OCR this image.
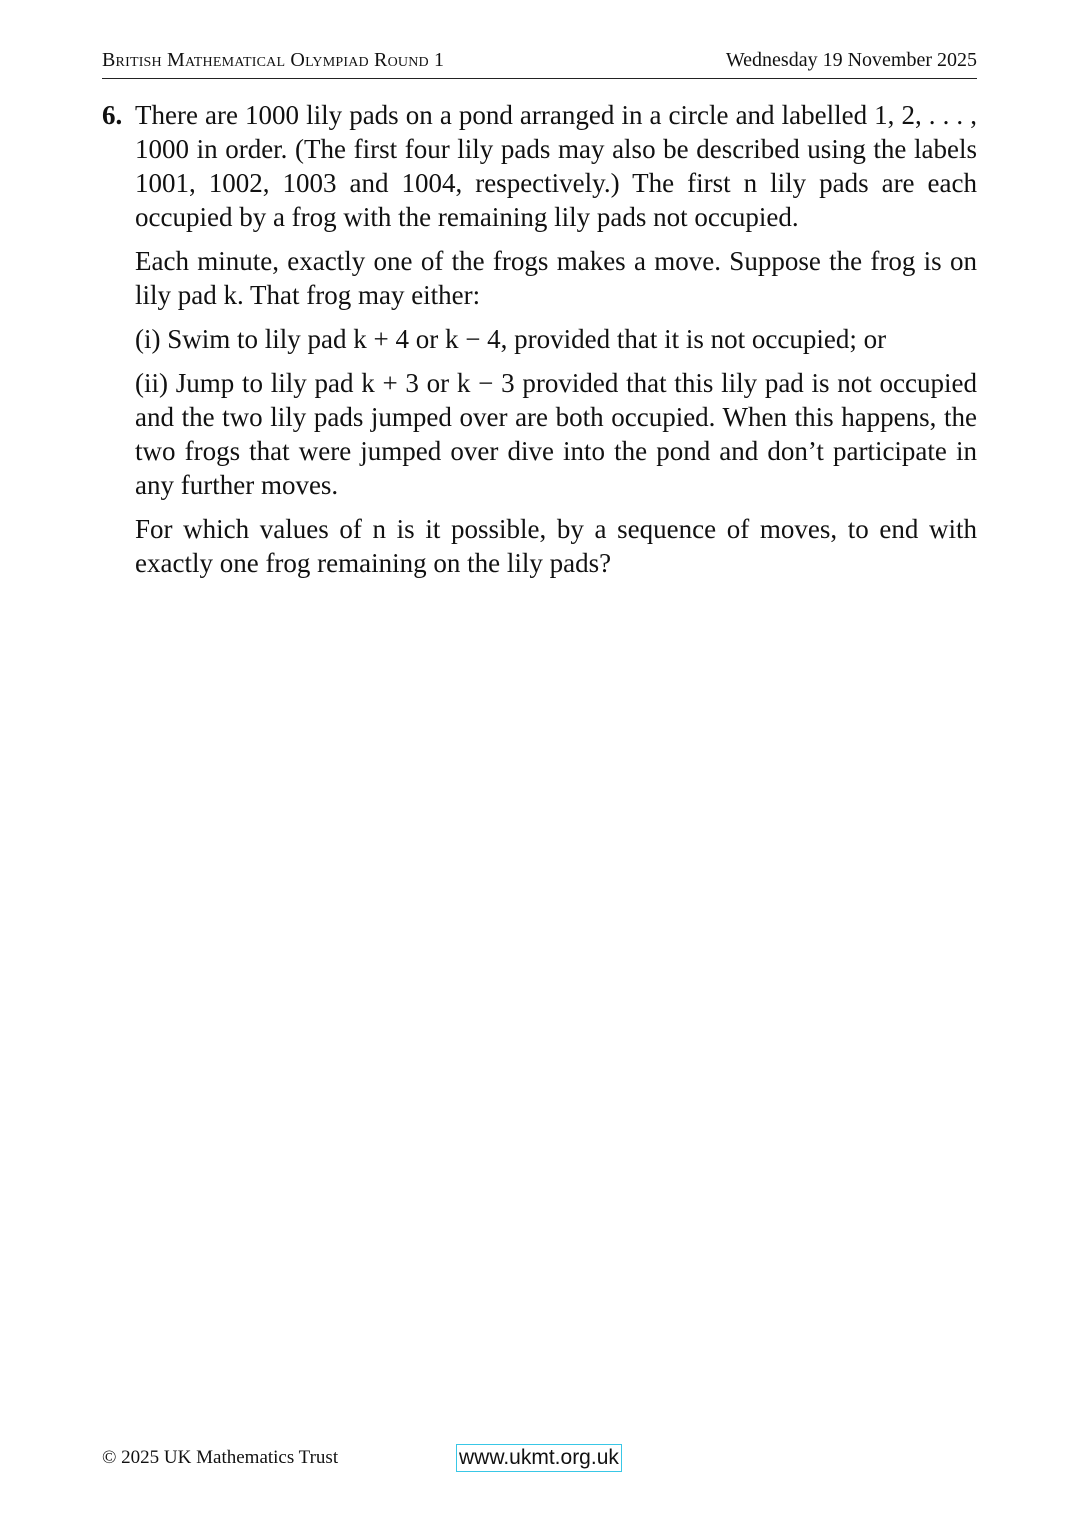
British Mathematical Olympiad Round 1	Wednesday 19 November 2025
6. There are 1000 lily pads on a pond arranged in a circle and labelled 1, 2, . . . , 1000 in order. (The first four lily pads may also be described using the labels 1001, 1002, 1003 and 1004, respectively.) The first n lily pads are each occupied by a frog with the remaining lily pads not occupied.

Each minute, exactly one of the frogs makes a move. Suppose the frog is on lily pad k. That frog may either:

(i) Swim to lily pad k + 4 or k − 4, provided that it is not occupied; or

(ii) Jump to lily pad k + 3 or k − 3 provided that this lily pad is not occupied and the two lily pads jumped over are both occupied. When this happens, the two frogs that were jumped over dive into the pond and don’t participate in any further moves.

For which values of n is it possible, by a sequence of moves, to end with exactly one frog remaining on the lily pads?

© 2025 UK Mathematics Trust	www.ukmt.org.uk
